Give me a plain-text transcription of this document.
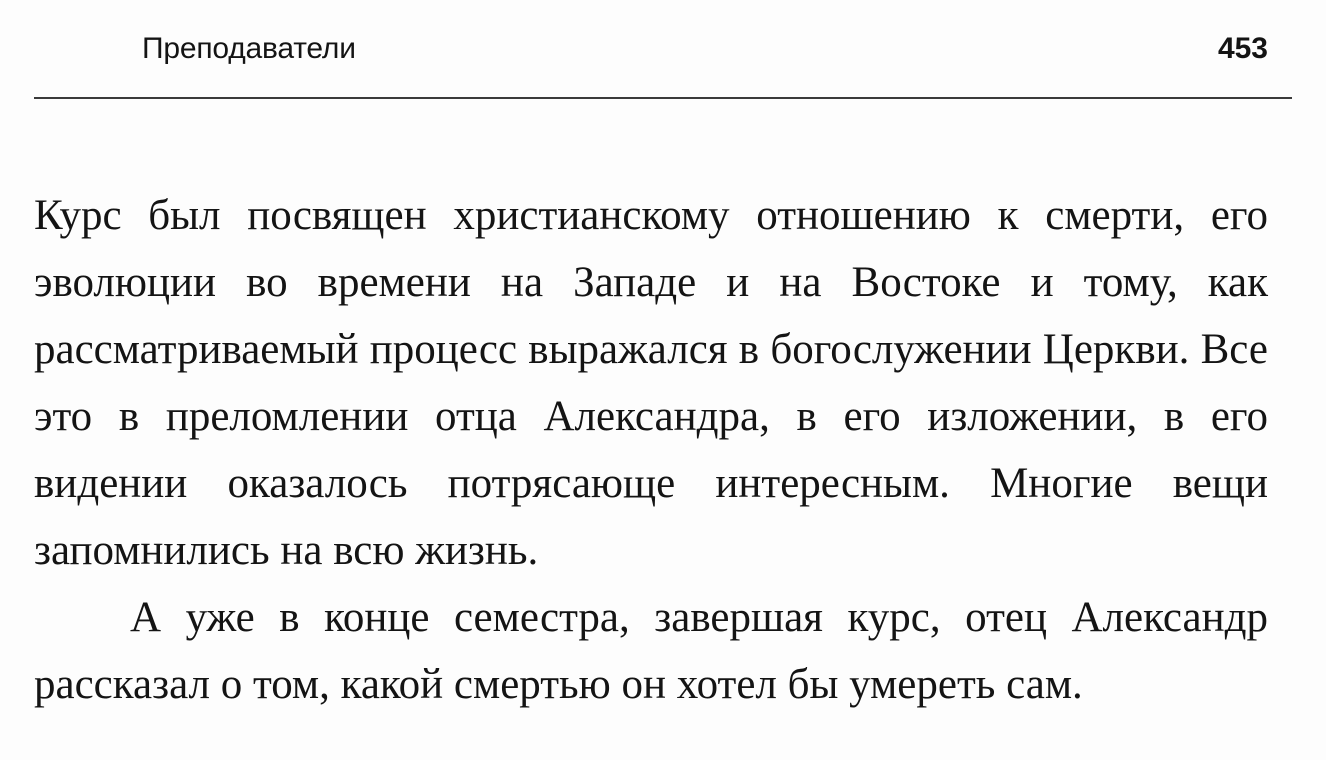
Преподаватели	453

Курс был посвящен христианскому отношению к смерти, его эволюции во времени на Западе и на Востоке и тому, как рассматриваемый процесс выражался в богослужении Церкви. Все это в преломлении отца Александра, в его изложении, в его видении оказалось потрясающе интересным. Многие вещи запомнились на всю жизнь.

А уже в конце семестра, завершая курс, отец Александр рассказал о том, какой смертью он хотел бы умереть сам.
